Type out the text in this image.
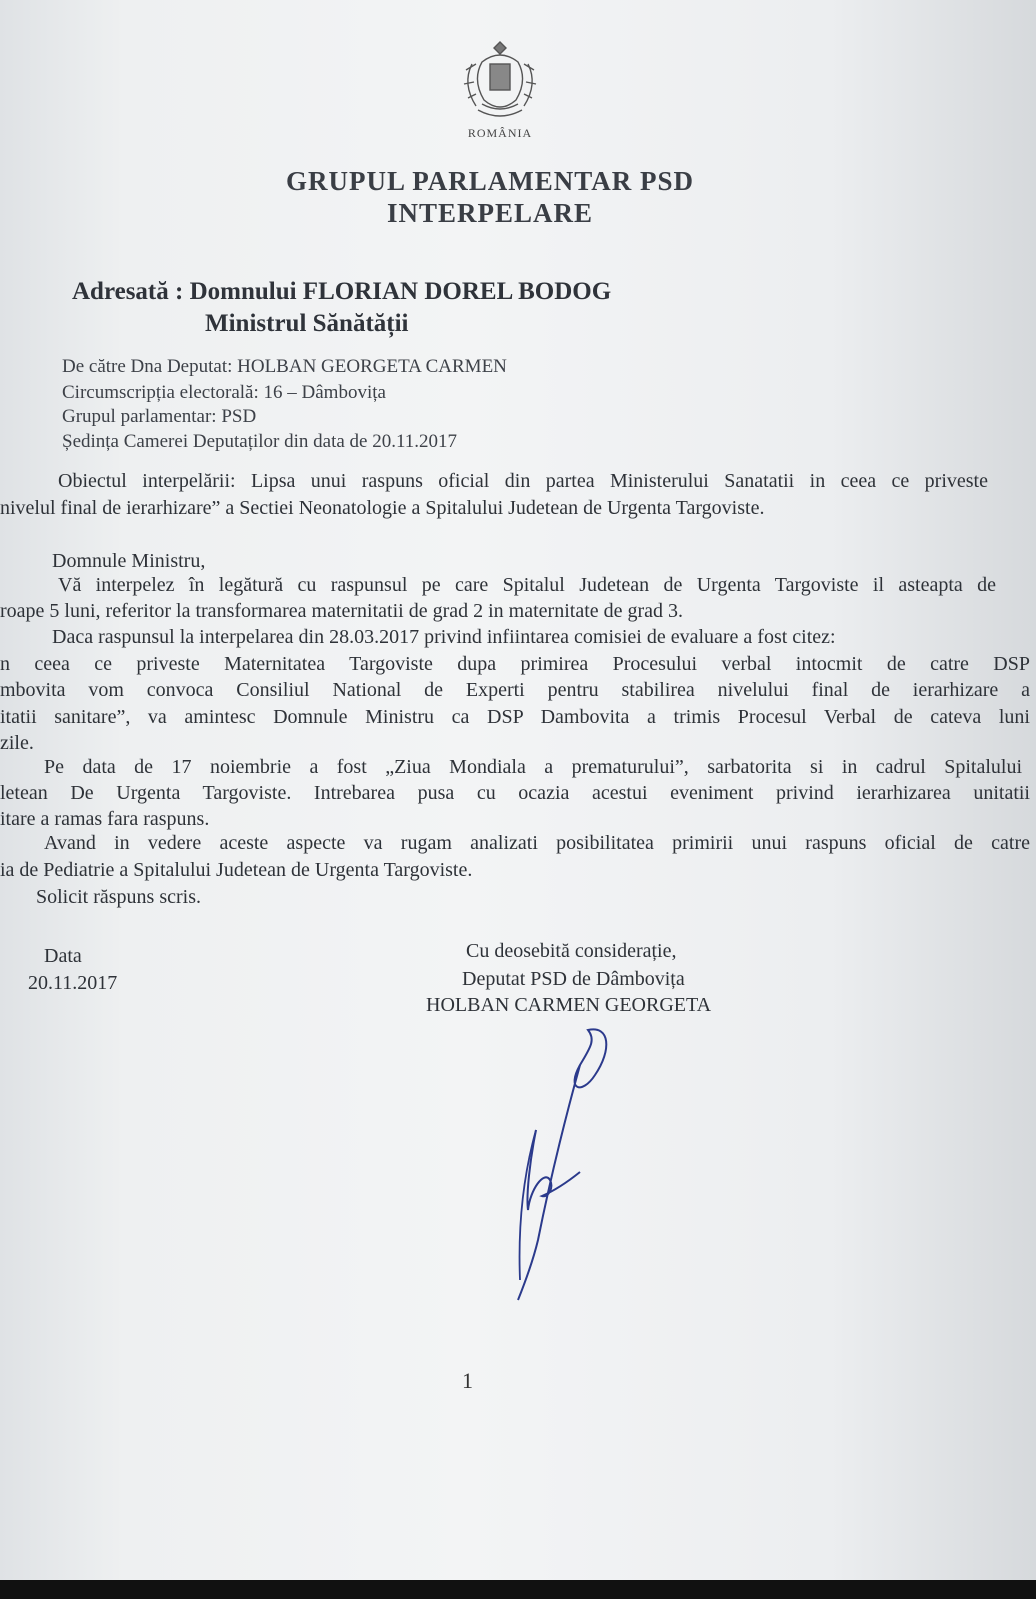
ROMÂNIA
GRUPUL PARLAMENTAR PSD
INTERPELARE
Adresată : Domnului FLORIAN DOREL BODOG
Ministrul Sănătății
De către Dna Deputat: HOLBAN GEORGETA CARMEN
Circumscripția electorală: 16 – Dâmbovița
Grupul parlamentar: PSD
Ședința Camerei Deputaților din data de 20.11.2017
Obiectul interpelării: Lipsa unui raspuns oficial din partea Ministerului Sanatatii in ceea ce priveste
nivelul final de ierarhizare” a Sectiei Neonatologie a Spitalului Judetean de Urgenta Targoviste.
Domnule Ministru,
Vă interpelez în legătură cu raspunsul pe care Spitalul Judetean de Urgenta Targoviste il asteapta de
roape 5 luni, referitor la transformarea maternitatii de grad 2 in maternitate de grad 3.
Daca raspunsul la interpelarea din 28.03.2017 privind infiintarea comisiei de evaluare a fost citez:
n ceea ce priveste Maternitatea Targoviste dupa primirea Procesului verbal intocmit de catre DSP
mbovita vom convoca Consiliul National de Experti pentru stabilirea nivelului final de ierarhizare a
itatii sanitare”, va amintesc Domnule Ministru ca DSP Dambovita a trimis Procesul Verbal de cateva luni
zile.
Pe data de 17 noiembrie a fost „Ziua Mondiala a prematurului”, sarbatorita si in cadrul Spitalului
letean De Urgenta Targoviste. Intrebarea pusa cu ocazia acestui eveniment privind ierarhizarea unitatii
itare a ramas fara raspuns.
Avand in vedere aceste aspecte va rugam analizati posibilitatea primirii unui raspuns oficial de catre
ia de Pediatrie a Spitalului Judetean de Urgenta Targoviste.
Solicit răspuns scris.
Data
20.11.2017
Cu deosebită considerație,
Deputat PSD de Dâmbovița
HOLBAN CARMEN GEORGETA
1
